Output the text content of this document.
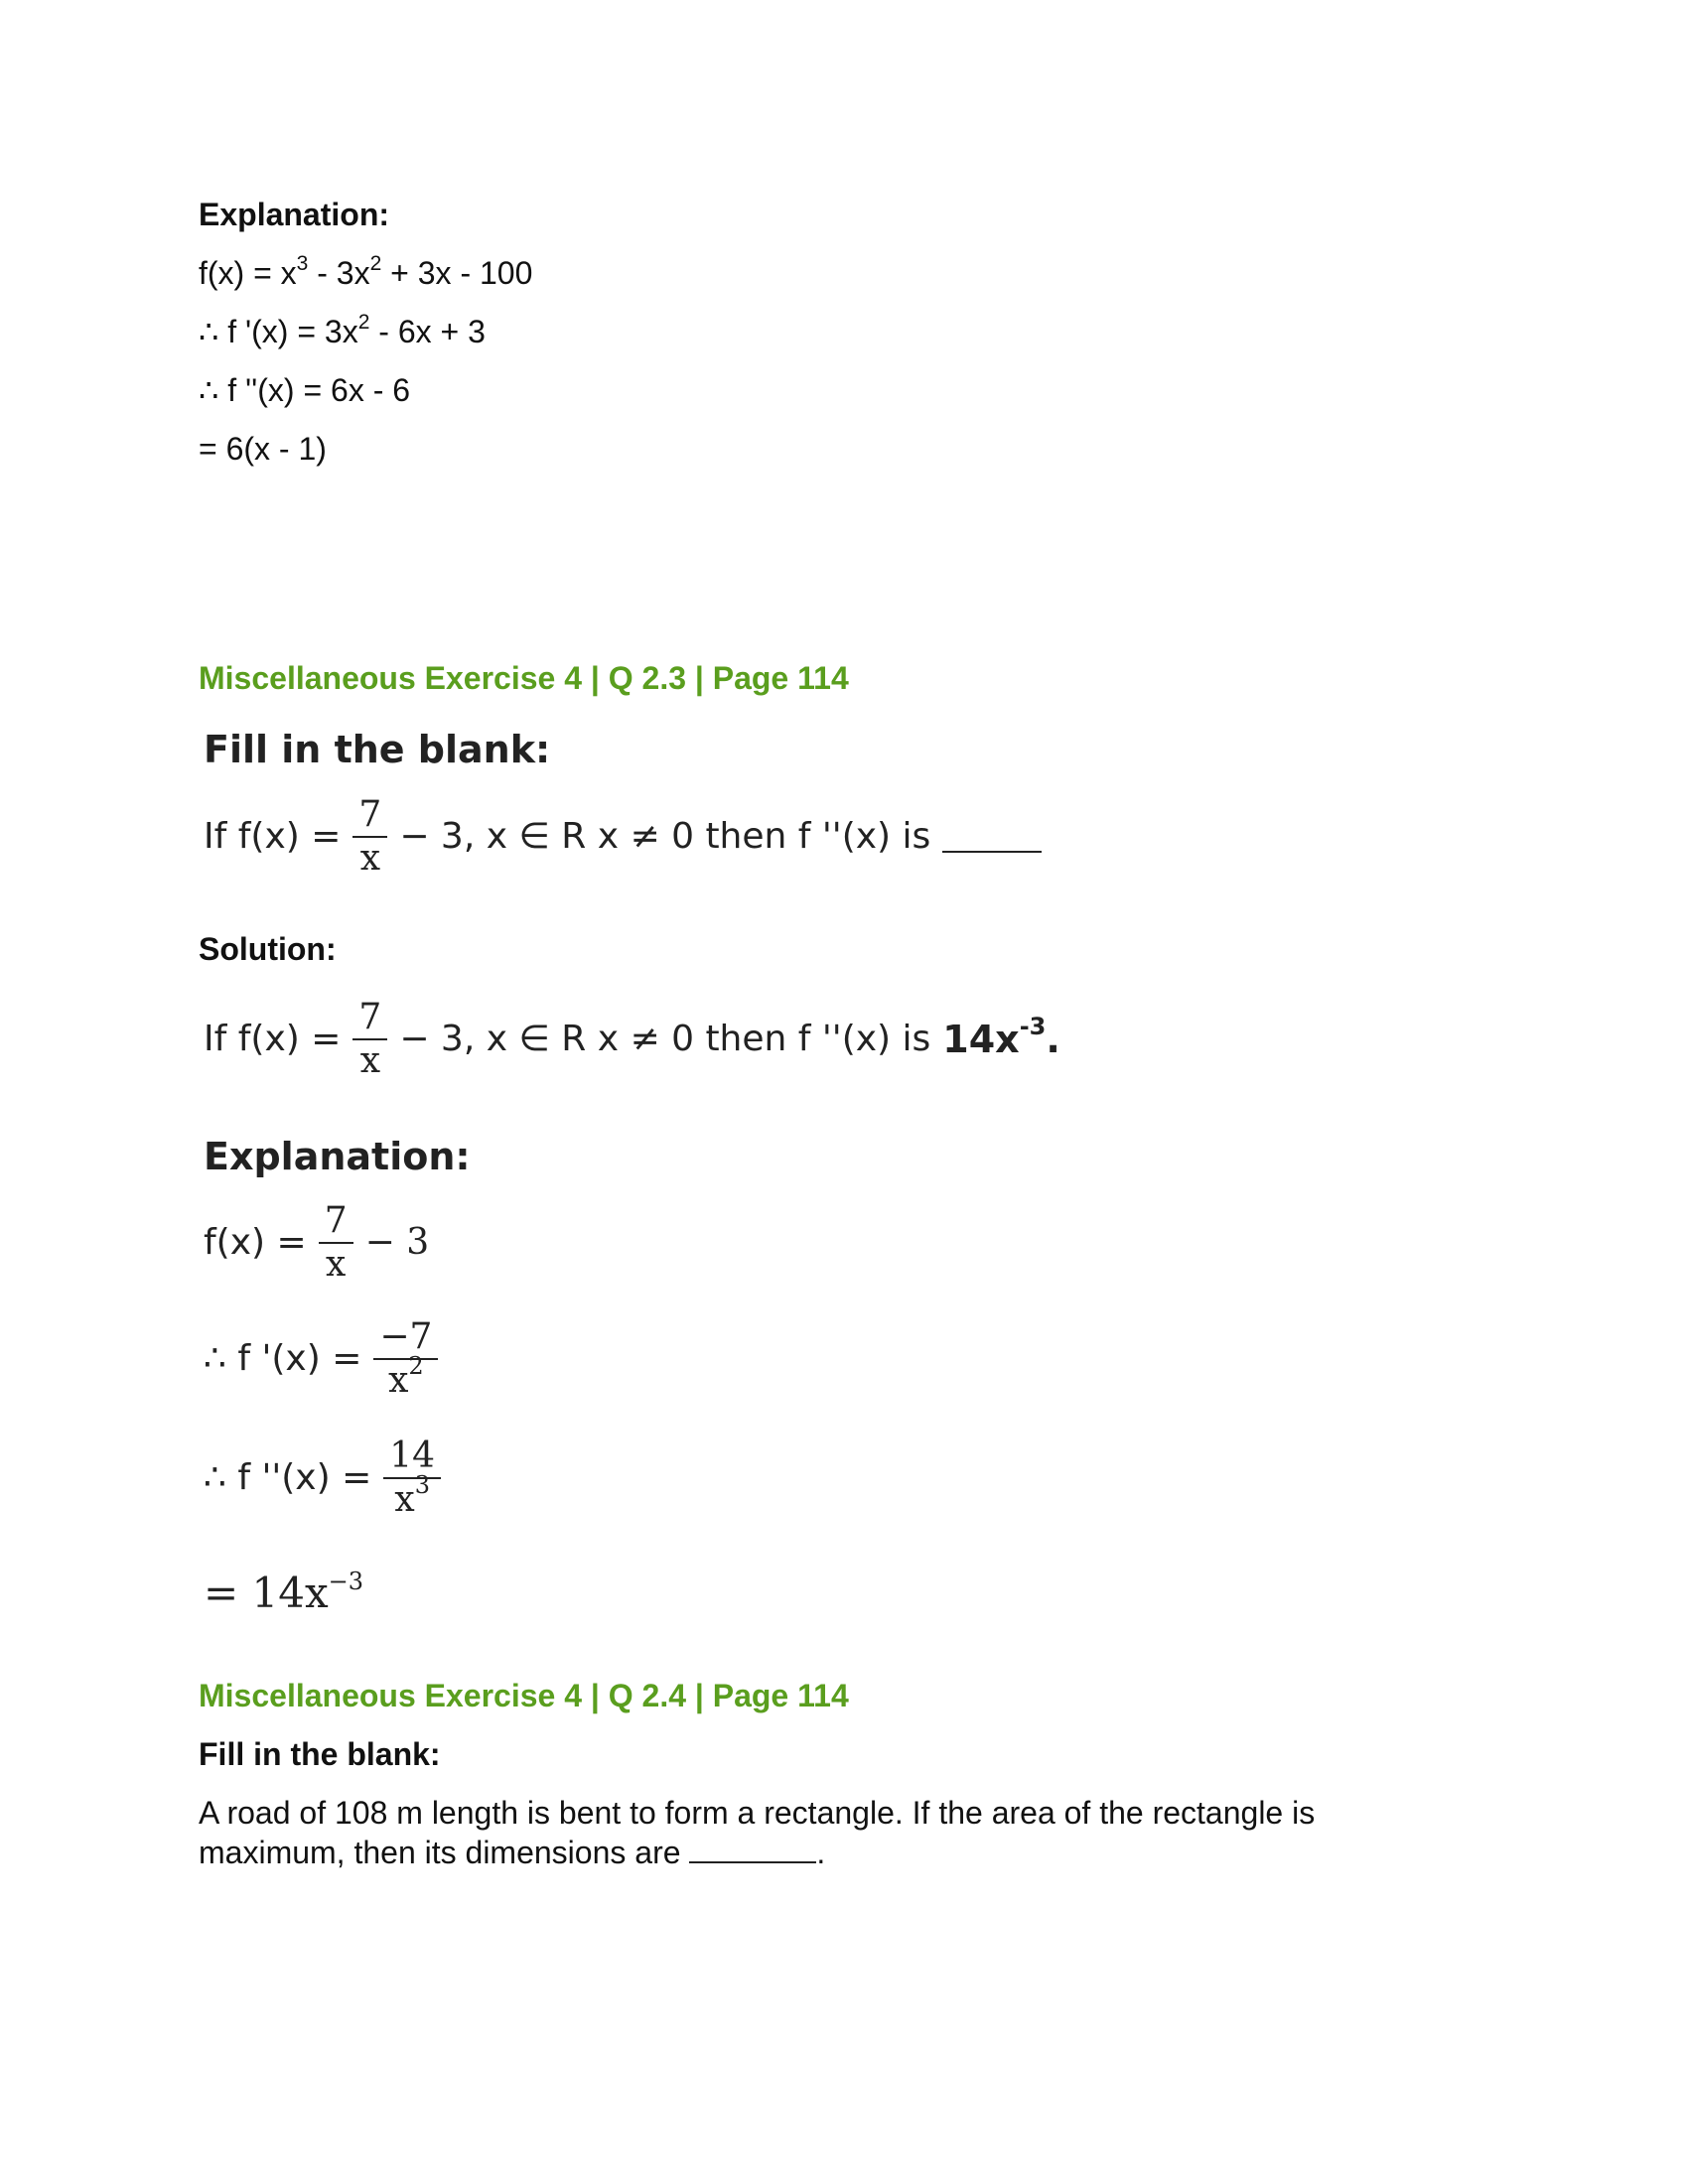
Explanation:
$f(x) = x^3 - 3x^2 + 3x - 100$
∴ f '$(x) = 3x^2 - 6x + 3$
∴ f ''(x) = 6x - 6
= 6(x - 1)
Miscellaneous Exercise 4 | Q 2.3 | Page 114
Fill in the blank:
If $f(x) = \frac{7}{x} - 3$, x ∈ R x ≠ 0 then f ''(x) is
Solution:
If $f(x) = \frac{7}{x} - 3$, x ∈ R x ≠ 0 then f ''(x) is $14x^{-3}$.
Explanation:
$f(x) = \frac{7}{x} - 3$
∴ f '$(x) = \frac{-7}{x^2}$
∴ f ''$(x) = \frac{14}{x^3}$
= $14x^{-3}$
Miscellaneous Exercise 4 | Q 2.4 | Page 114
Fill in the blank:
A road of 108 m length is bent to form a rectangle. If the area of the rectangle is
maximum, then its dimensions are	.
